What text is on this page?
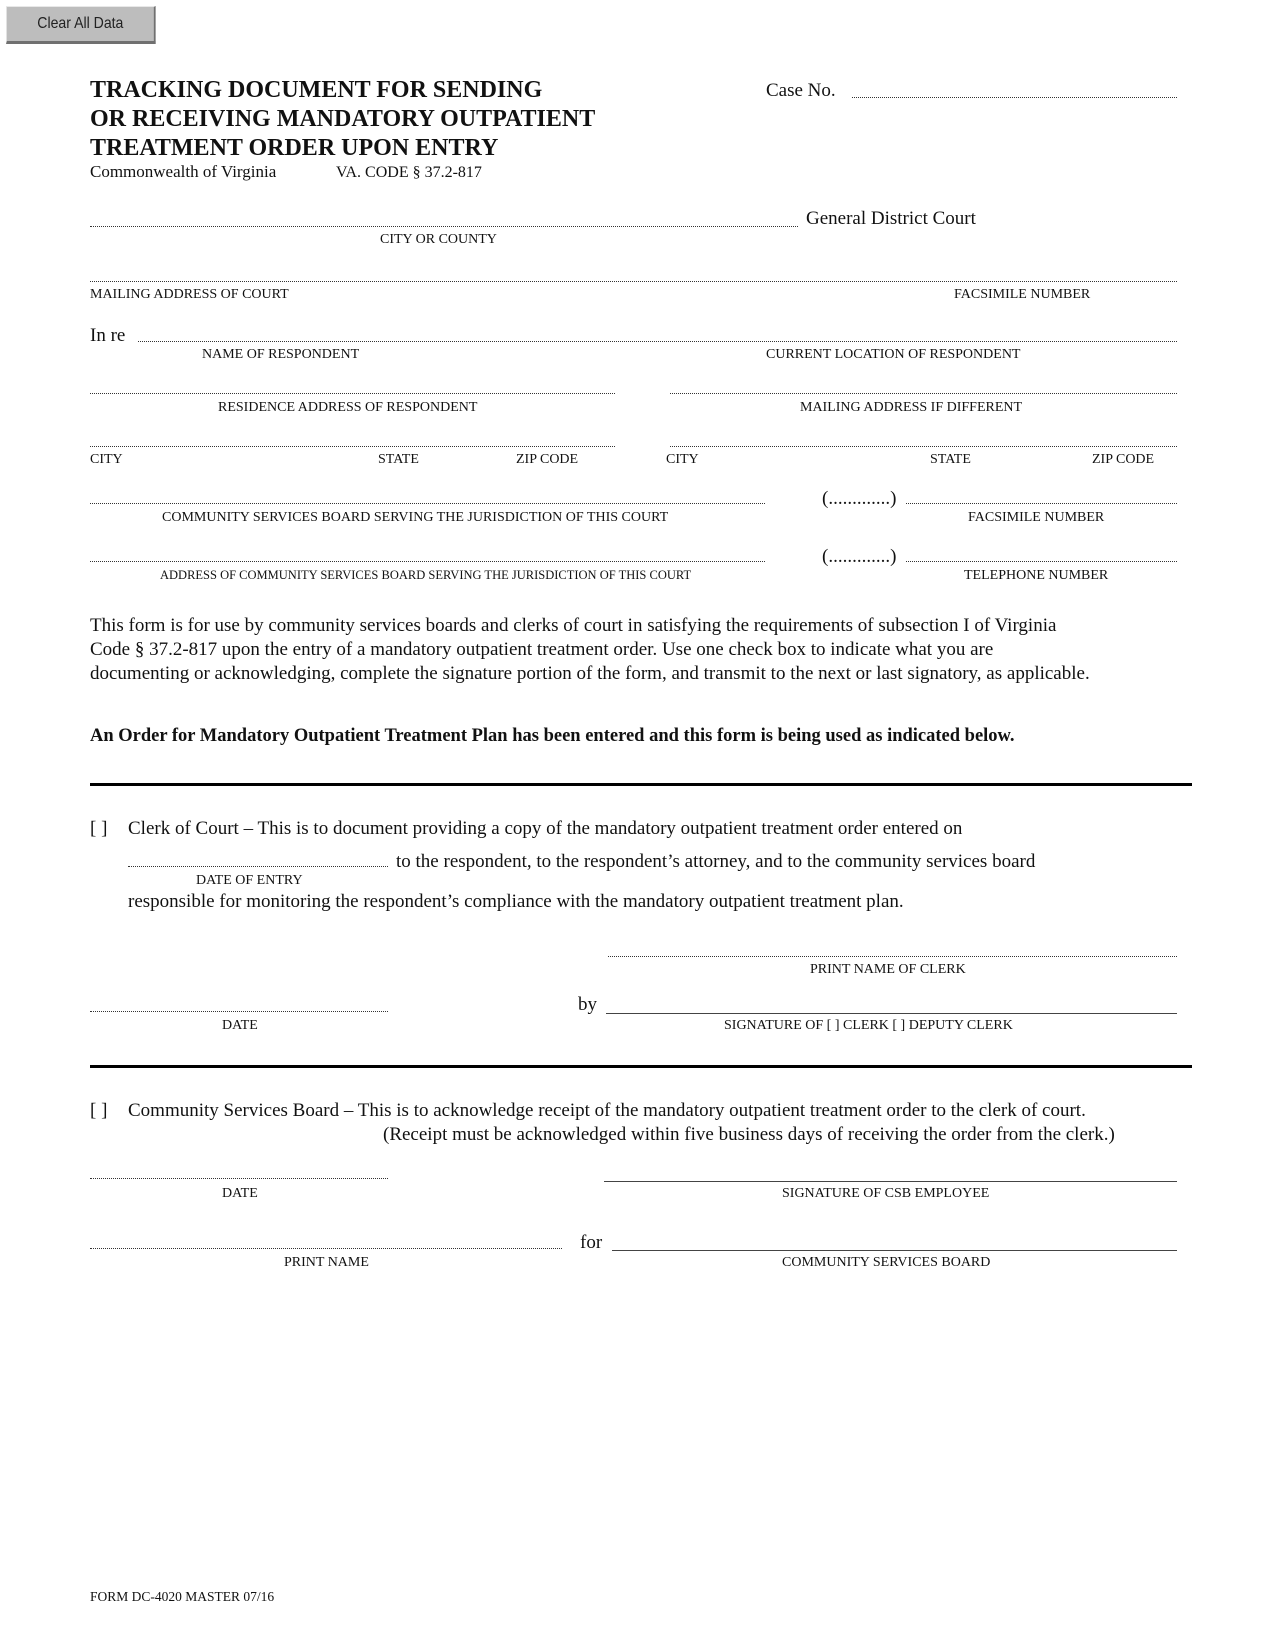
Clear All Data
TRACKING DOCUMENT FOR SENDING
OR RECEIVING MANDATORY OUTPATIENT
TREATMENT ORDER UPON ENTRY
Commonwealth of Virginia	VA. CODE § 37.2-817
Case No.
General District Court
CITY OR COUNTY
MAILING ADDRESS OF COURT	FACSIMILE NUMBER
In re
NAME OF RESPONDENT	CURRENT LOCATION OF RESPONDENT
RESIDENCE ADDRESS OF RESPONDENT	MAILING ADDRESS IF DIFFERENT
CITY	STATE	ZIP CODE	CITY	STATE	ZIP CODE
(.............)
COMMUNITY SERVICES BOARD SERVING THE JURISDICTION OF THIS COURT	FACSIMILE NUMBER
(.............)
ADDRESS OF COMMUNITY SERVICES BOARD SERVING THE JURISDICTION OF THIS COURT	TELEPHONE NUMBER
This form is for use by community services boards and clerks of court in satisfying the requirements of subsection I of Virginia
Code § 37.2-817 upon the entry of a mandatory outpatient treatment order. Use one check box to indicate what you are
documenting or acknowledging, complete the signature portion of the form, and transmit to the next or last signatory, as applicable.
An Order for Mandatory Outpatient Treatment Plan has been entered and this form is being used as indicated below.
[ ] Clerk of Court – This is to document providing a copy of the mandatory outpatient treatment order entered on
to the respondent, to the respondent’s attorney, and to the community services board
DATE OF ENTRY
responsible for monitoring the respondent’s compliance with the mandatory outpatient treatment plan.
PRINT NAME OF CLERK
DATE
by
SIGNATURE OF [ ] CLERK [ ] DEPUTY CLERK
[ ] Community Services Board – This is to acknowledge receipt of the mandatory outpatient treatment order to the clerk of court.
(Receipt must be acknowledged within five business days of receiving the order from the clerk.)
DATE	SIGNATURE OF CSB EMPLOYEE
for
PRINT NAME	COMMUNITY SERVICES BOARD
FORM DC-4020 MASTER 07/16
